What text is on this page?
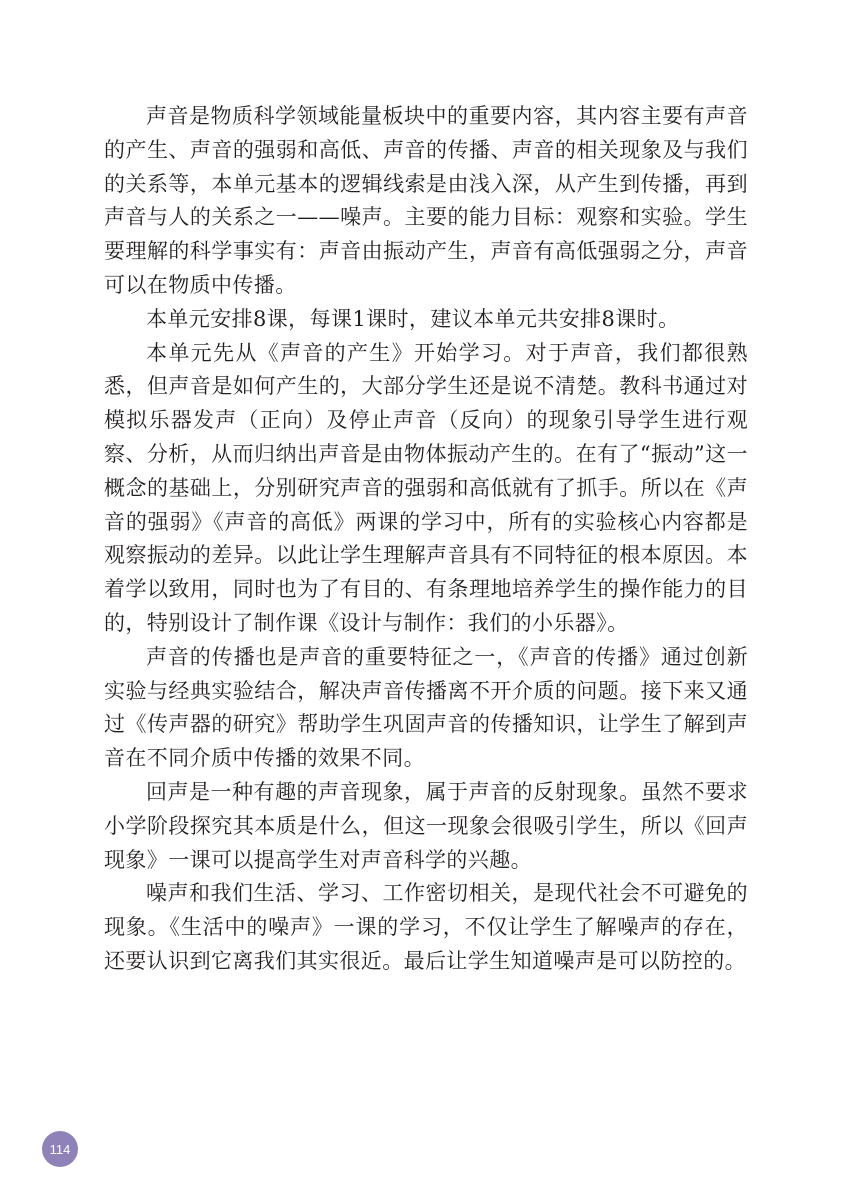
声音是物质科学领域能量板块中的重要内容，其内容主要有声音的产生、声音的强弱和高低、声音的传播、声音的相关现象及与我们的关系等，本单元基本的逻辑线索是由浅入深，从产生到传播，再到声音与人的关系之一——噪声。主要的能力目标：观察和实验。学生要理解的科学事实有：声音由振动产生，声音有高低强弱之分，声音可以在物质中传播。

本单元安排8课，每课1课时，建议本单元共安排8课时。

本单元先从《声音的产生》开始学习。对于声音，我们都很熟悉，但声音是如何产生的，大部分学生还是说不清楚。教科书通过对模拟乐器发声（正向）及停止声音（反向）的现象引导学生进行观察、分析，从而归纳出声音是由物体振动产生的。在有了“振动”这一概念的基础上，分别研究声音的强弱和高低就有了抓手。所以在《声音的强弱》《声音的高低》两课的学习中，所有的实验核心内容都是观察振动的差异。以此让学生理解声音具有不同特征的根本原因。本着学以致用，同时也为了有目的、有条理地培养学生的操作能力的目的，特别设计了制作课《设计与制作：我们的小乐器》。

声音的传播也是声音的重要特征之一，《声音的传播》通过创新实验与经典实验结合，解决声音传播离不开介质的问题。接下来又通过《传声器的研究》帮助学生巩固声音的传播知识，让学生了解到声音在不同介质中传播的效果不同。

回声是一种有趣的声音现象，属于声音的反射现象。虽然不要求小学阶段探究其本质是什么，但这一现象会很吸引学生，所以《回声现象》一课可以提高学生对声音科学的兴趣。

噪声和我们生活、学习、工作密切相关，是现代社会不可避免的现象。《生活中的噪声》一课的学习，不仅让学生了解噪声的存在，还要认识到它离我们其实很近。最后让学生知道噪声是可以防控的。

114
